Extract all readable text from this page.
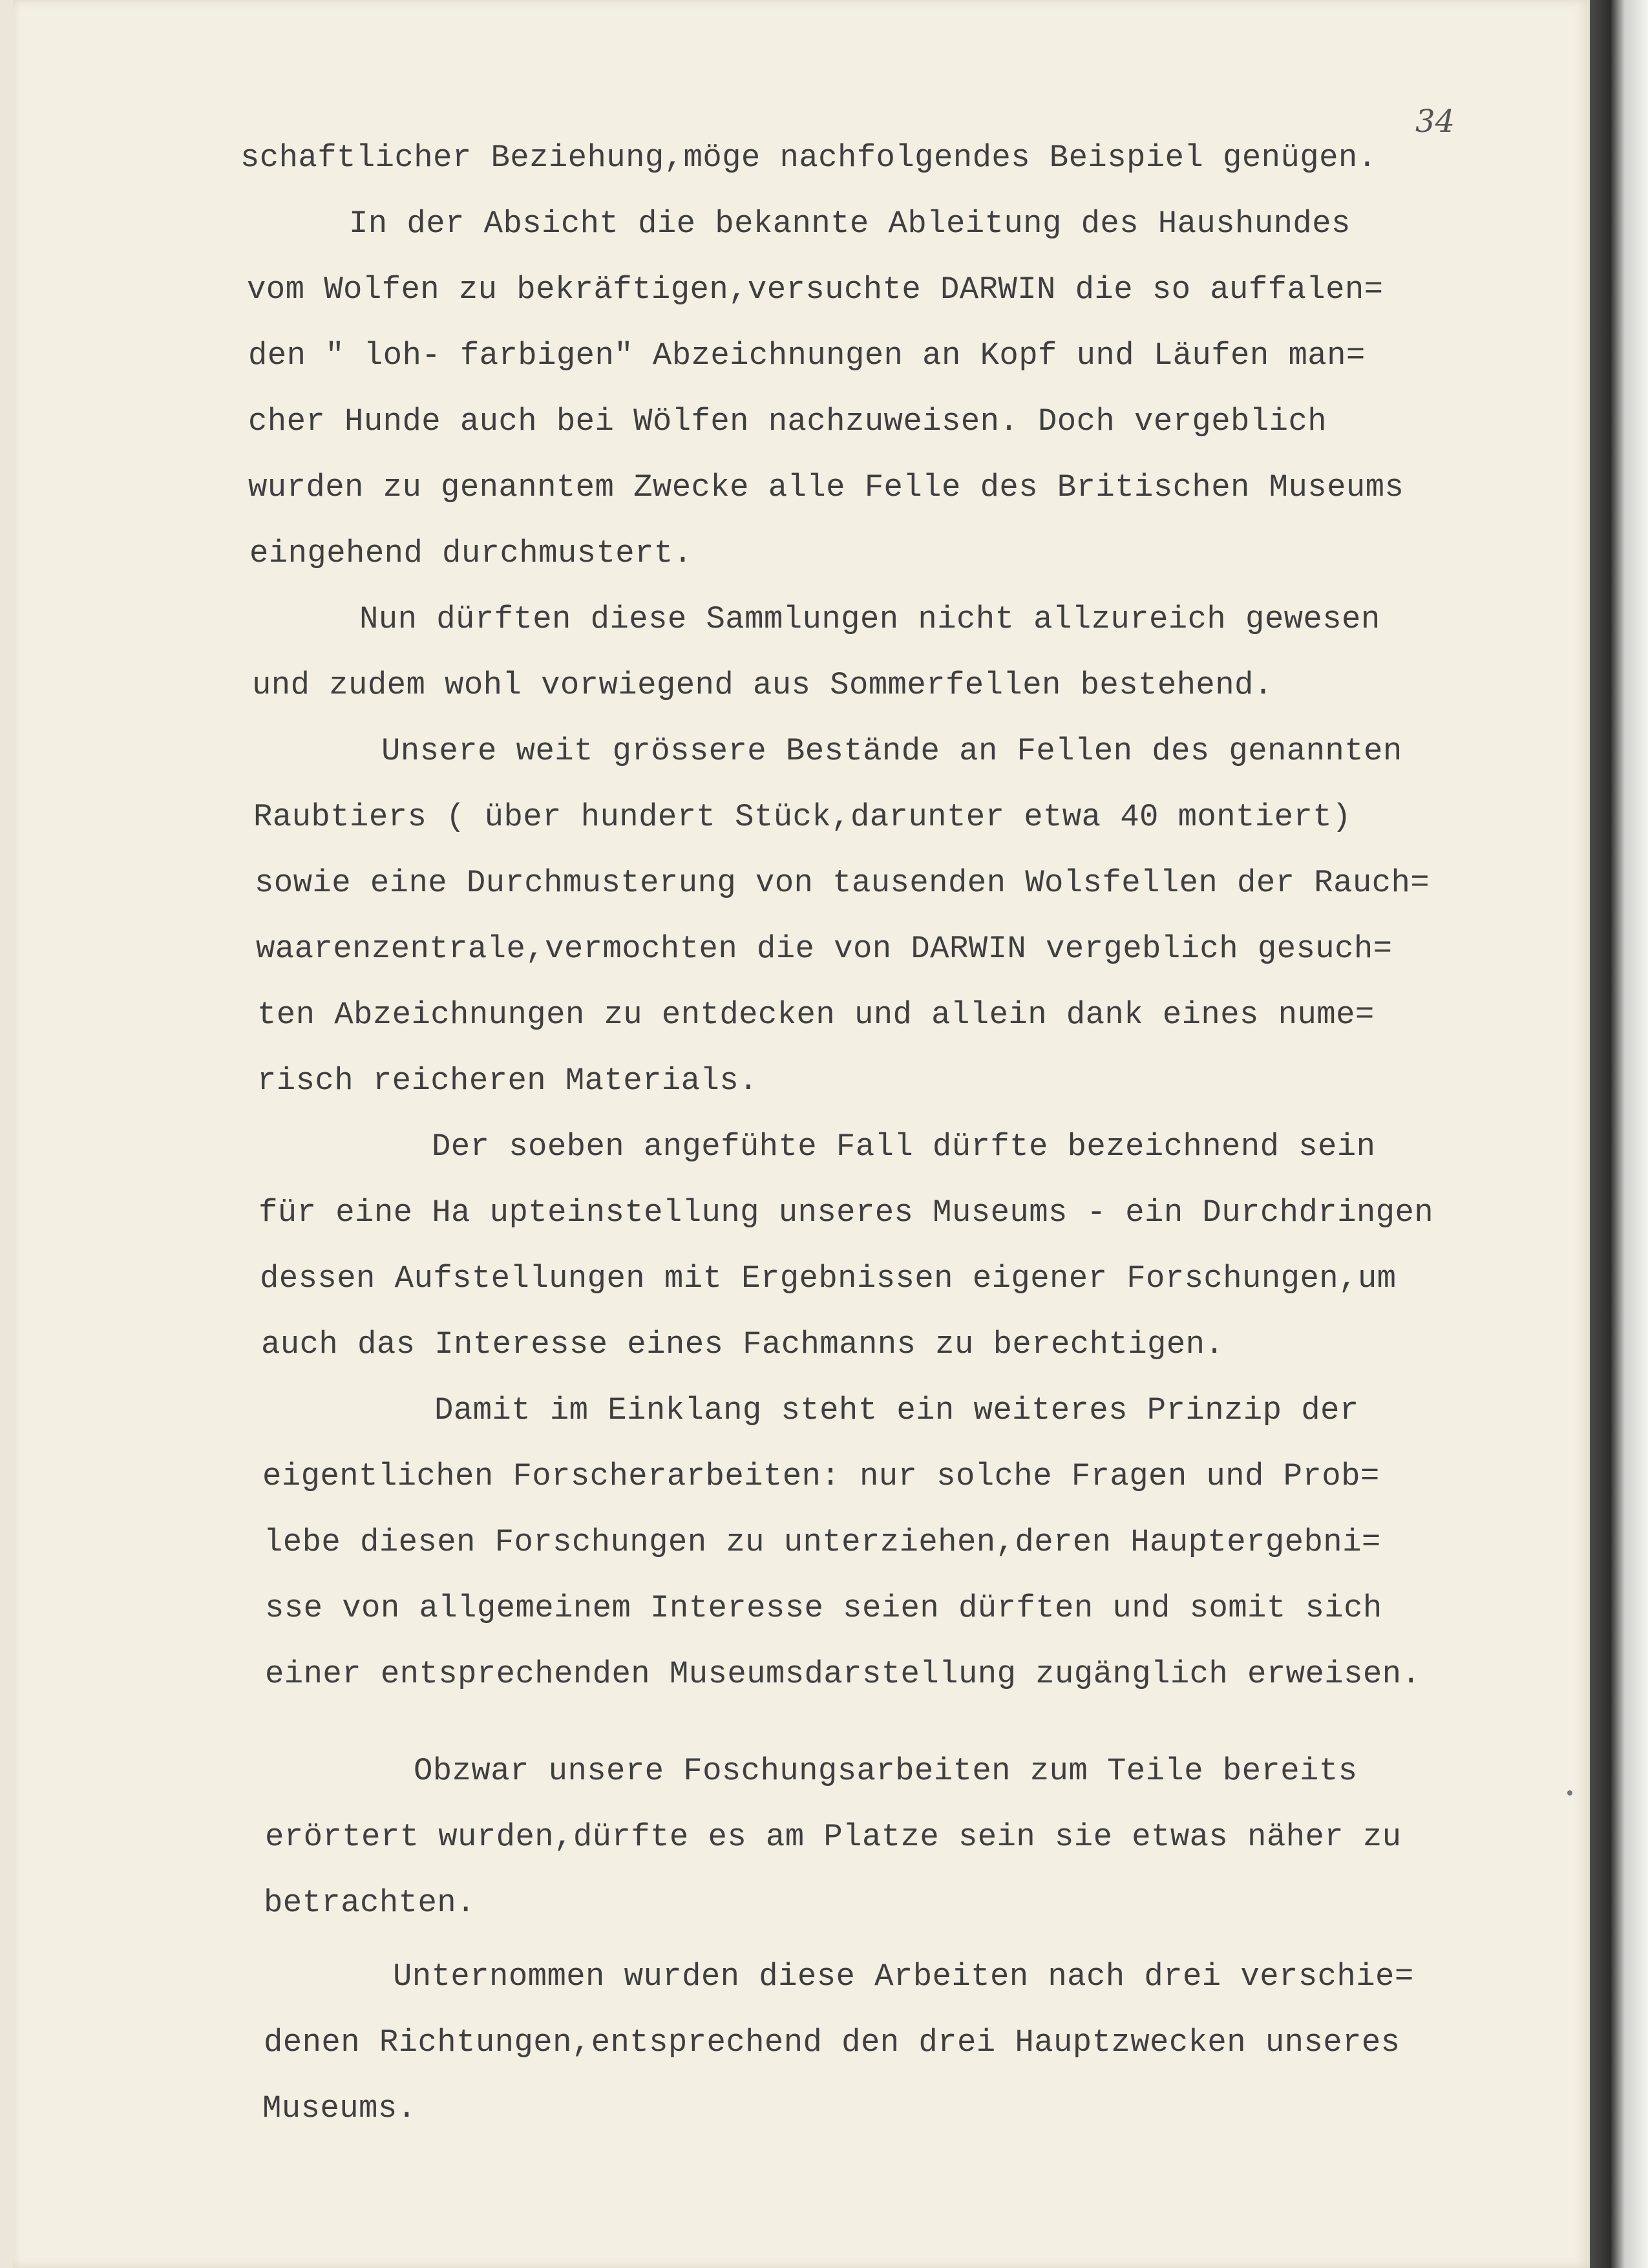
34
schaftlicher Beziehung,möge nachfolgendes Beispiel genügen.
In der Absicht die bekannte Ableitung des Haushundes
vom Wolfen zu bekräftigen,versuchte DARWIN die so auffalen=
den " loh- farbigen" Abzeichnungen an Kopf und Läufen man=
cher Hunde auch bei Wölfen nachzuweisen. Doch vergeblich
wurden zu genanntem Zwecke alle Felle des Britischen Museums
eingehend durchmustert.
Nun dürften diese Sammlungen nicht allzureich gewesen
und zudem wohl vorwiegend aus Sommerfellen bestehend.
Unsere weit grössere Bestände an Fellen des genannten
Raubtiers ( über hundert Stück,darunter etwa 40 montiert)
sowie eine Durchmusterung von tausenden Wolsfellen der Rauch=
waarenzentrale,vermochten die von DARWIN vergeblich gesuch=
ten Abzeichnungen zu entdecken und allein dank eines nume=
risch reicheren Materials.
Der soeben angefühte Fall dürfte bezeichnend sein
für eine Ha upteinstellung unseres Museums - ein Durchdringen
dessen Aufstellungen mit Ergebnissen eigener Forschungen,um
auch das Interesse eines Fachmanns zu berechtigen.
Damit im Einklang steht ein weiteres Prinzip der
eigentlichen Forscherarbeiten: nur solche Fragen und Prob=
lebe diesen Forschungen zu unterziehen,deren Hauptergebni=
sse von allgemeinem Interesse seien dürften und somit sich
einer entsprechenden Museumsdarstellung zugänglich erweisen.
Obzwar unsere Foschungsarbeiten zum Teile bereits
erörtert wurden,dürfte es am Platze sein sie etwas näher zu
betrachten.
Unternommen wurden diese Arbeiten nach drei verschie=
denen Richtungen,entsprechend den drei Hauptzwecken unseres
Museums.
